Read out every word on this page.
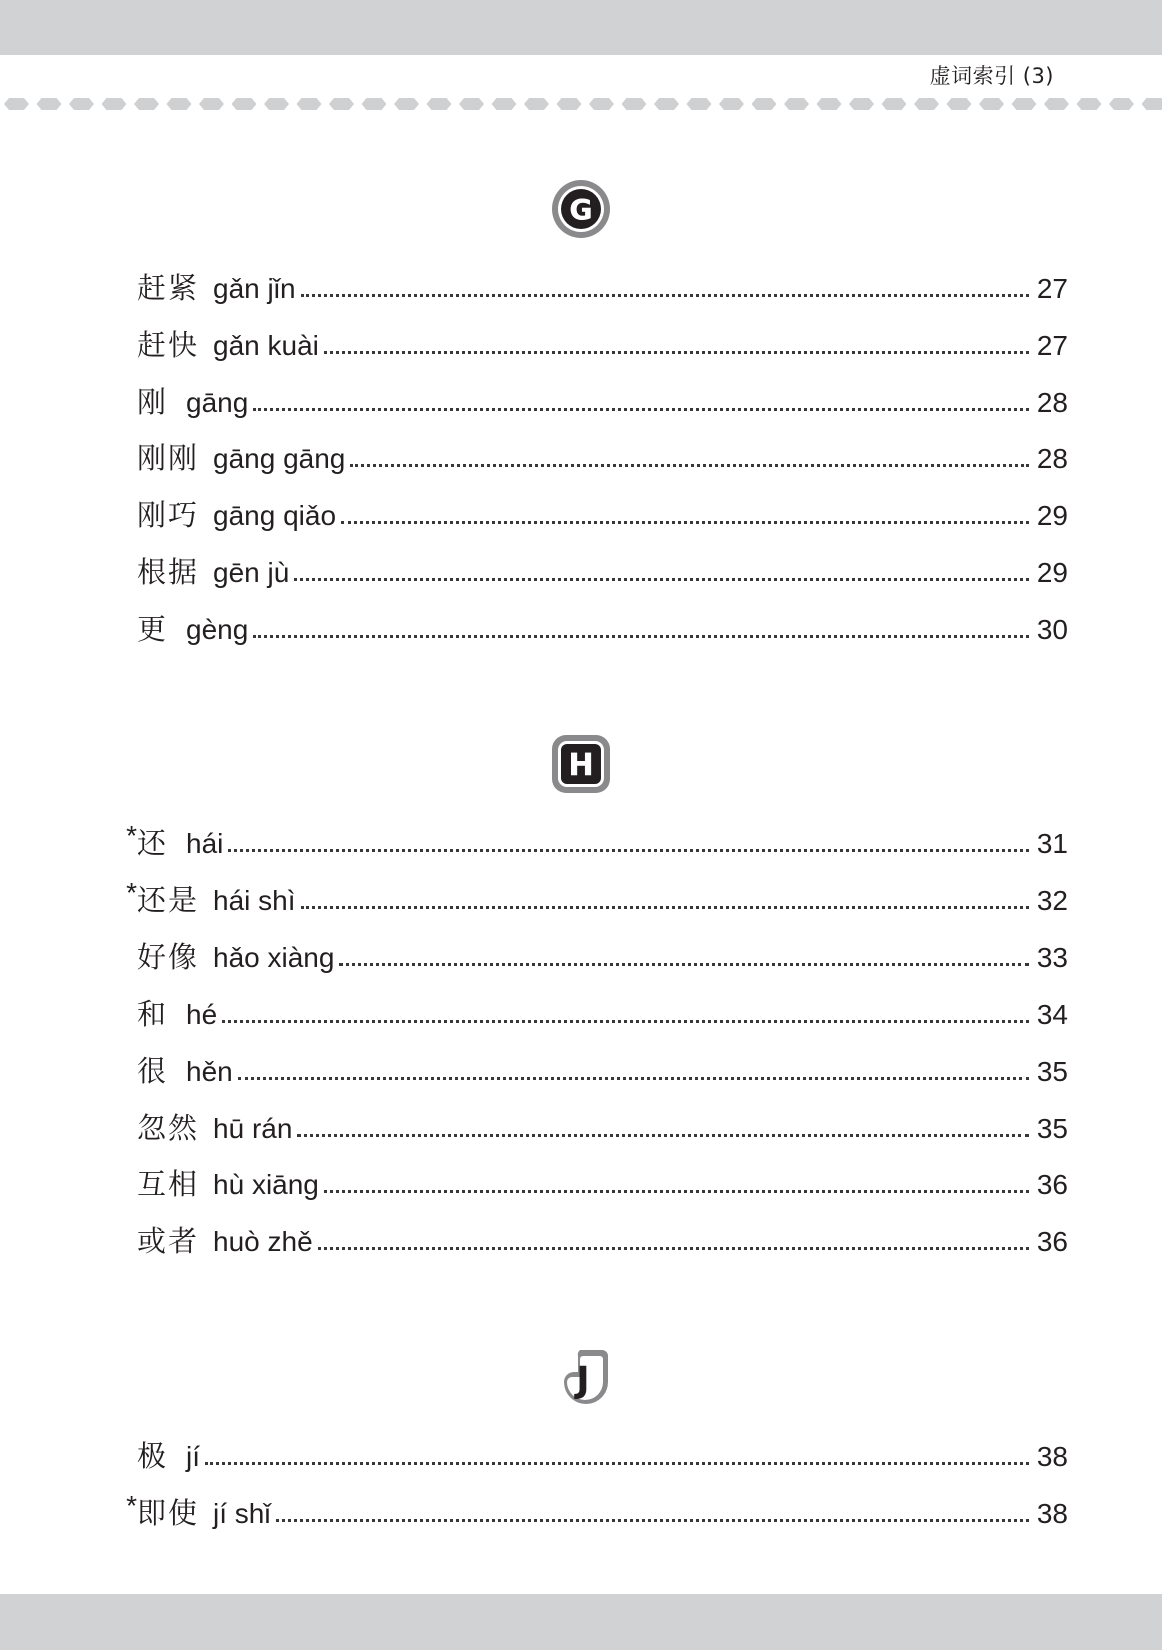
虚词索引 (3)
G
赶紧 gǎn jǐn	27
赶快 gǎn kuài	27
刚 gāng	28
刚刚 gāng gāng	28
刚巧 gāng qiǎo	29
根据 gēn jù	29
更 gèng	30
H
* 还 hái	31
* 还是 hái shì	32
好像 hǎo xiàng	33
和 hé	34
很 hěn	35
忽然 hū rán	35
互相 hù xiāng	36
或者 huò zhě	36
J
极 jí	38
* 即使 jí shǐ	38
